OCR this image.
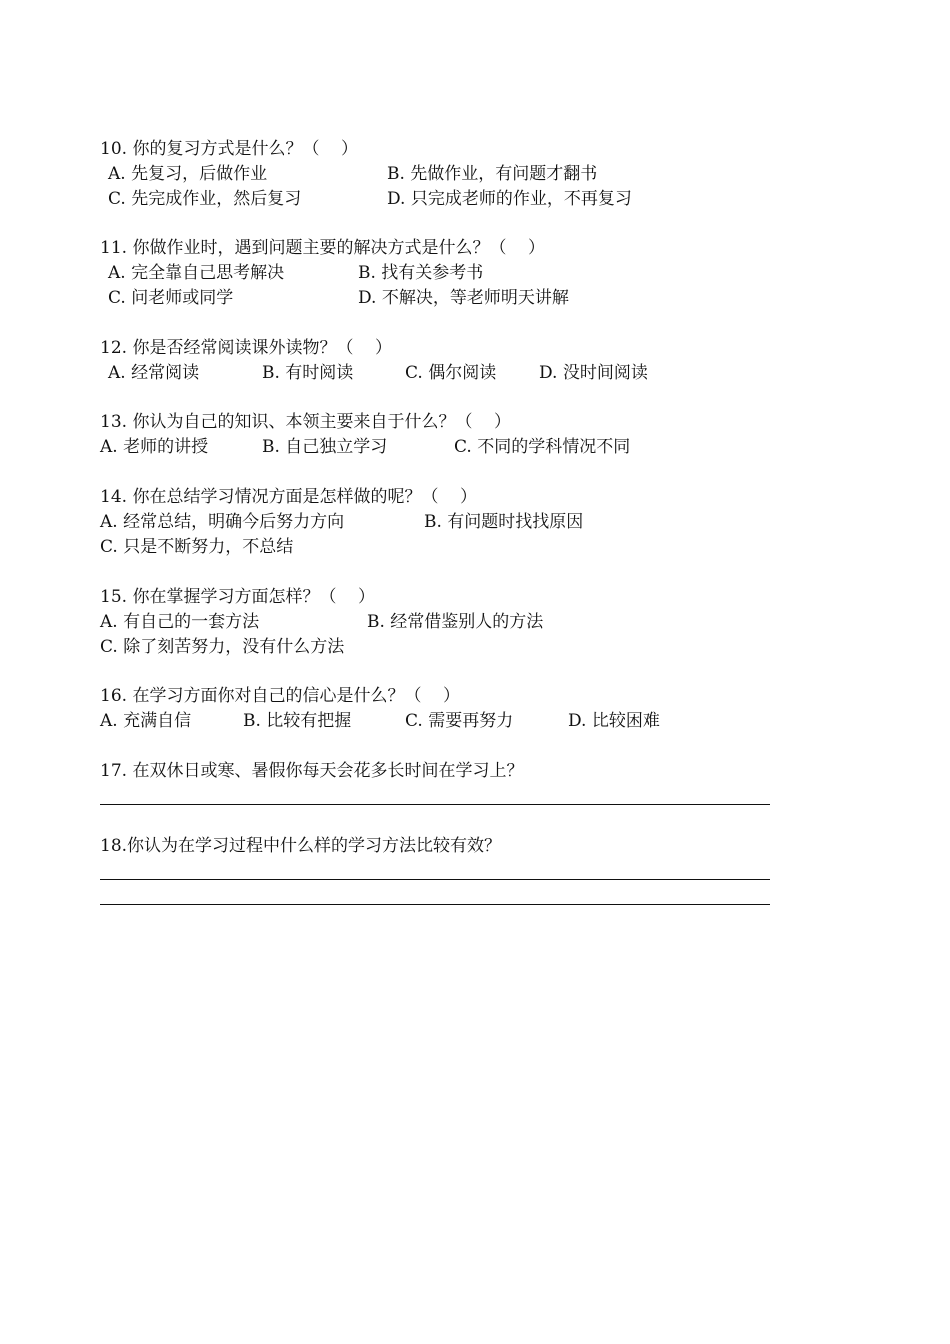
10. 你的复习方式是什么？（    ）

A. 先复习，后做作业

	B. 先做作业，有问题才翻书

C. 先完成作业，然后复习

	D. 只完成老师的作业，不再复习

11. 你做作业时，遇到问题主要的解决方式是什么？（    ）

A. 完全靠自己思考解决

	B. 找有关参考书

C. 问老师或同学

	D. 不解决，等老师明天讲解

12. 你是否经常阅读课外读物？（    ）

A. 经常阅读

	B. 有时阅读

	C. 偶尔阅读

	D. 没时间阅读

13. 你认为自己的知识、本领主要来自于什么？（    ）

A. 老师的讲授

	B. 自己独立学习

	C. 不同的学科情况不同

14. 你在总结学习情况方面是怎样做的呢？（    ）

A. 经常总结，明确今后努力方向

	B. 有问题时找找原因

C. 只是不断努力，不总结

15. 你在掌握学习方面怎样？（    ）

A. 有自己的一套方法

	B. 经常借鉴别人的方法

C. 除了刻苦努力，没有什么方法

16. 在学习方面你对自己的信心是什么？（    ）

A. 充满自信

	B. 比较有把握

	C. 需要再努力

	D. 比较困难

17. 在双休日或寒、暑假你每天会花多长时间在学习上？
18.你认为在学习过程中什么样的学习方法比较有效？
